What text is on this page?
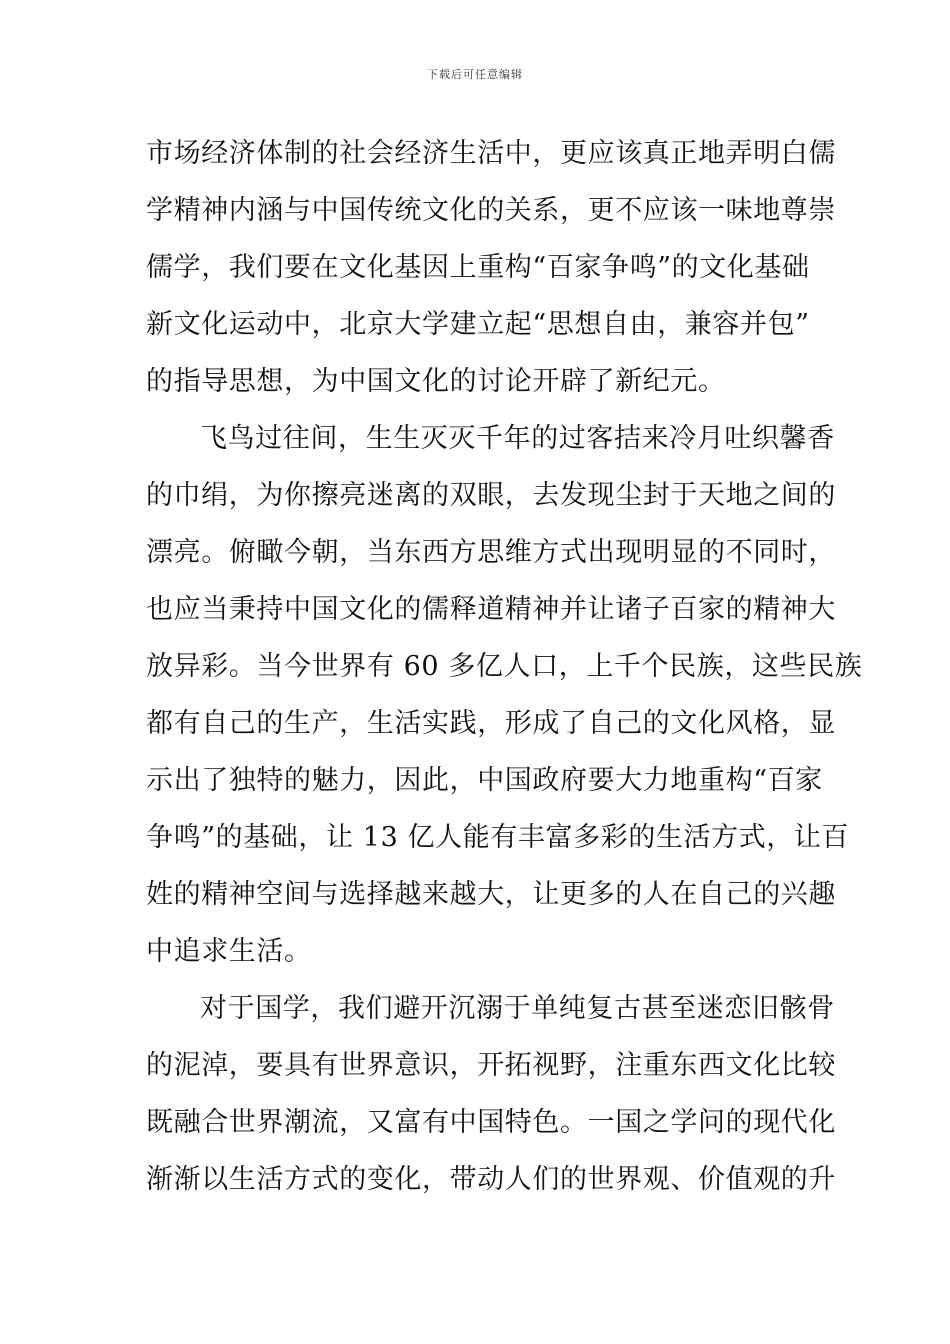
下载后可任意编辑
市场经济体制的社会经济生活中，更应该真正地弄明白儒
学精神内涵与中国传统文化的关系，更不应该一味地尊崇
儒学，我们要在文化基因上重构“百家争鸣”的文化基础
新文化运动中，北京大学建立起“思想自由，兼容并包”
的指导思想，为中国文化的讨论开辟了新纪元。
飞鸟过往间，生生灭灭千年的过客拮来冷月吐织馨香
的巾绢，为你擦亮迷离的双眼，去发现尘封于天地之间的
漂亮。俯瞰今朝，当东西方思维方式出现明显的不同时，
也应当秉持中国文化的儒释道精神并让诸子百家的精神大
放异彩。当今世界有 60 多亿人口，上千个民族，这些民族
都有自己的生产，生活实践，形成了自己的文化风格，显
示出了独特的魅力，因此，中国政府要大力地重构“百家
争鸣”的基础，让 13 亿人能有丰富多彩的生活方式，让百
姓的精神空间与选择越来越大，让更多的人在自己的兴趣
中追求生活。
对于国学，我们避开沉溺于单纯复古甚至迷恋旧骸骨
的泥淖，要具有世界意识，开拓视野，注重东西文化比较
既融合世界潮流，又富有中国特色。一国之学问的现代化
渐渐以生活方式的变化，带动人们的世界观、价值观的升
